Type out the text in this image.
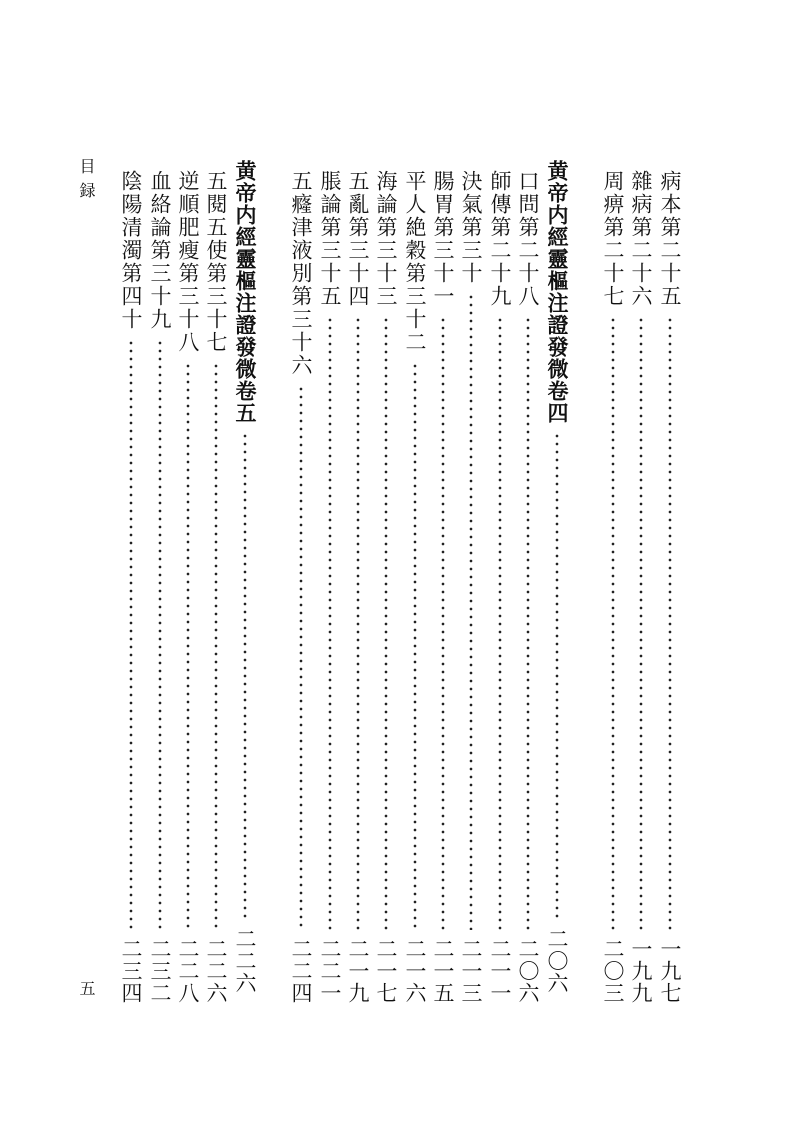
目録
五
病本第二十五
一九七
雜病第二十六
一九九
周痹第二十七
二〇三
黄帝内經靈樞注證發微卷四
二〇六
口問第二十八
二〇六
師傳第二十九
二一一
決氣第三十
二一三
腸胃第三十一
二一五
平人絶穀第三十二
二一六
海論第三十三
二一七
五亂第三十四
二一九
脹論第三十五
二二一
五癃津液別第三十六
二二四
黄帝内經靈樞注證發微卷五
二二六
五閱五使第三十七
二二六
逆順肥瘦第三十八
二二八
血絡論第三十九
二三二
陰陽清濁第四十
二三四
